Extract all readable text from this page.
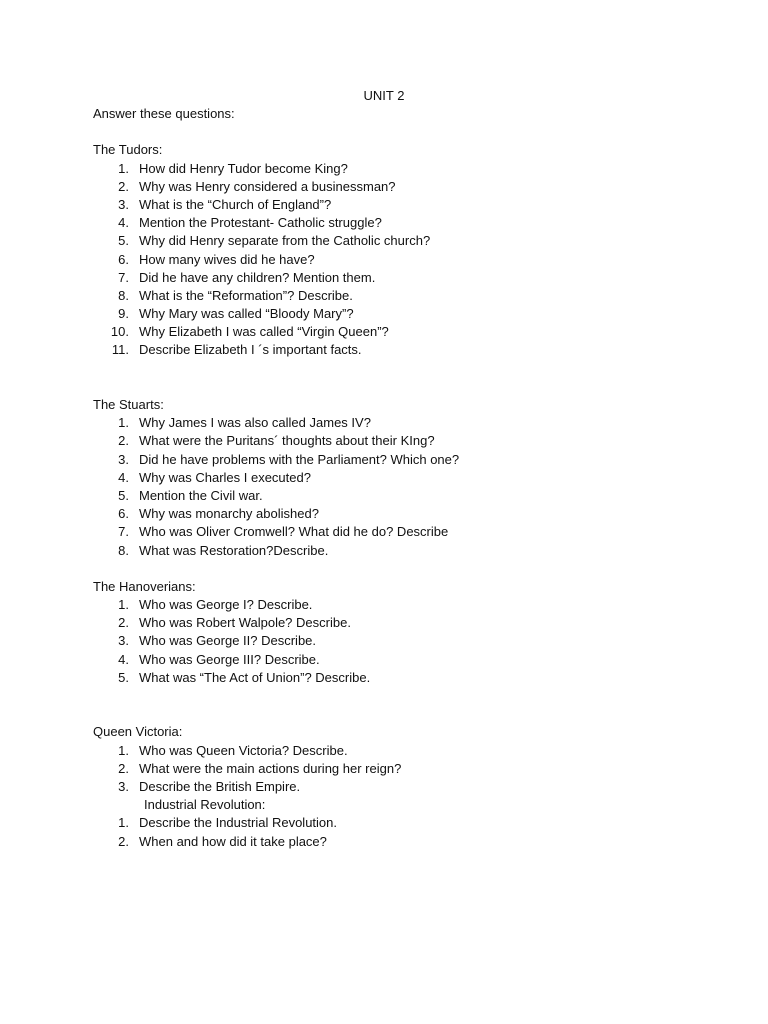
UNIT 2
Answer these questions:
The Tudors:
1. How did Henry Tudor become King?
2. Why was Henry considered a businessman?
3. What is the “Church of England”?
4. Mention the Protestant- Catholic struggle?
5. Why did Henry separate from the Catholic church?
6. How many wives did he have?
7. Did he have any children? Mention them.
8. What is the “Reformation”? Describe.
9. Why Mary was called “Bloody Mary”?
10. Why Elizabeth I was called “Virgin Queen”?
11. Describe Elizabeth I ´s important facts.
The Stuarts:
1. Why James I was also called James IV?
2. What were the Puritans´ thoughts about their KIng?
3. Did he have problems with the Parliament? Which one?
4. Why was Charles I executed?
5. Mention the Civil war.
6. Why was monarchy abolished?
7. Who was Oliver Cromwell? What did he do? Describe
8. What was Restoration?Describe.
The Hanoverians:
1. Who was George I? Describe.
2. Who was Robert Walpole? Describe.
3. Who was George II? Describe.
4. Who was George III? Describe.
5. What was “The Act of Union”? Describe.
Queen Victoria:
1. Who was Queen Victoria? Describe.
2. What were the main actions during her reign?
3. Describe the British Empire.
Industrial Revolution:
1. Describe the Industrial Revolution.
2. When and how did it take place?
